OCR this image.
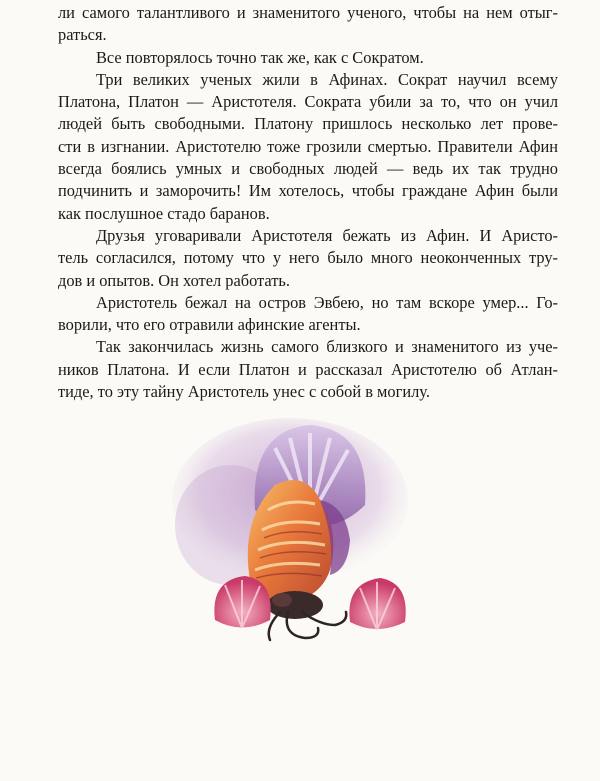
ли самого талантливого и знаменитого ученого, чтобы на нем отыг-
раться.
Все повторялось точно так же, как с Сократом.
Три великих ученых жили в Афинах. Сократ научил всему
Платона, Платон — Аристотеля. Сократа убили за то, что он учил
людей быть свободными. Платону пришлось несколько лет прове-
сти в изгнании. Аристотелю тоже грозили смертью. Правители Афин
всегда боялись умных и свободных людей — ведь их так трудно
подчинить и заморочить! Им хотелось, чтобы граждане Афин были
как послушное стадо баранов.
Друзья уговаривали Аристотеля бежать из Афин. И Аристо-
тель согласился, потому что у него было много неоконченных тру-
дов и опытов. Он хотел работать.
Аристотель бежал на остров Эвбею, но там вскоре умер... Го-
ворили, что его отравили афинские агенты.
Так закончилась жизнь самого близкого и знаменитого из уче-
ников Платона. И если Платон и рассказал Аристотелю об Атлан-
тиде, то эту тайну Аристотель унес с собой в могилу.
